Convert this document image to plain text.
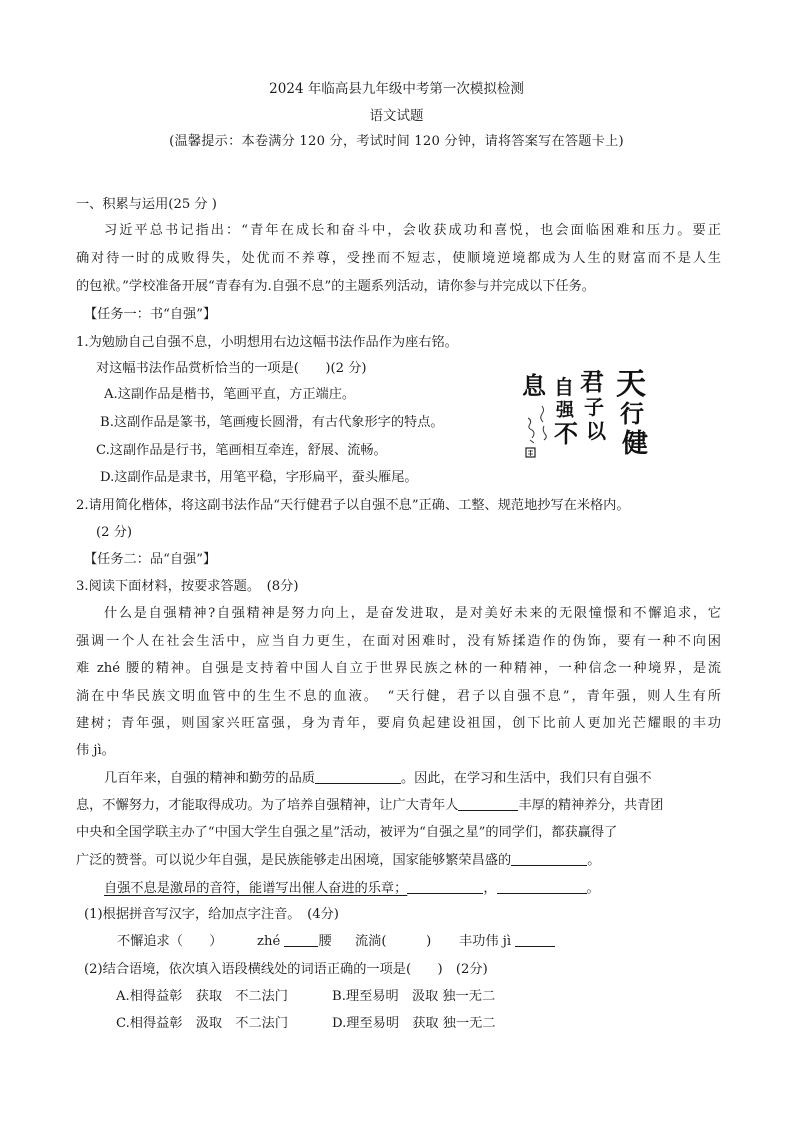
2024 年临高县九年级中考第一次模拟检测
语文试题
(温馨提示：本卷满分 120 分，考试时间 120 分钟，请将答案写在答题卡上)
一、积累与运用(25 分 )
习近平总书记指出：“青年在成长和奋斗中，会收获成功和喜悦，也会面临困难和压力。要正
确对待一时的成败得失，处优而不养尊，受挫而不短志，使顺境逆境都成为人生的财富而不是人生
的包袱。”学校准备开展“青春有为.自强不息”的主题系列活动，请你参与并完成以下任务。
【任务一：书“自强”】
1.为勉励自己自强不息，小明想用右边这幅书法作品作为座右铭。
对这幅书法作品赏析恰当的一项是(　　)(2 分)
A.这副作品是楷书，笔画平直，方正端庄。
B.这副作品是篆书，笔画瘦长圆滑，有古代象形字的特点。
C.这副作品是行书，笔画相互牵连，舒展、流畅。
D.这副作品是隶书，用笔平稳，字形扁平，蚕头雁尾。
天
行
健
君
子
以
自
强
不
息
2.请用简化楷体，将这副书法作品“天行健君子以自强不息”正确、工整、规范地抄写在米格内。
(2 分)
【任务二：品“自强”】
3.阅读下面材料，按要求答题。　(8分)
什么是自强精神?自强精神是努力向上，是奋发进取，是对美好未来的无限憧憬和不懈追求，它
强调一个人在社会生活中，应当自力更生，在面对困难时，没有矫揉造作的伪饰，要有一种不向困
难 zhé 腰的精神。自强是支持着中国人自立于世界民族之林的一种精神，一种信念一种境界，是流
淌在中华民族文明血管中的生生不息的血液。　“天行健，君子以自强不息”，青年强，则人生有所
建树；青年强，则国家兴旺富强，身为青年，要肩负起建设祖国，创下比前人更加光芒耀眼的丰功
伟 jì。
几百年来，自强的精神和勤劳的品质	。因此，在学习和生活中，我们只有自强不
息，不懈努力，才能取得成功。为了培养自强精神，让广大青年人	丰厚的精神养分，共青团
中央和全国学联主办了“中国大学生自强之星”活动，被评为“自强之星”的同学们，都获赢得了
广泛的赞誉。可以说少年自强，是民族能够走出困境，国家能够繁荣昌盛的	。
自强不息是激昂的音符，能谱写出催人奋进的乐章；	，	。
(1)根据拼音写汉字，给加点字注音。　(4分)
不懈追求（　　）	zhé	腰 流淌(　　　) 丰功伟 jì
(2)结合语境，依次填入语段横线处的词语正确的一项是(　　)　(2分)
A.相得益彰　获取　不二法门	B.理至易明　汲取 独一无二
C.相得益彰　汲取　不二法门	D.理至易明　获取 独一无二
